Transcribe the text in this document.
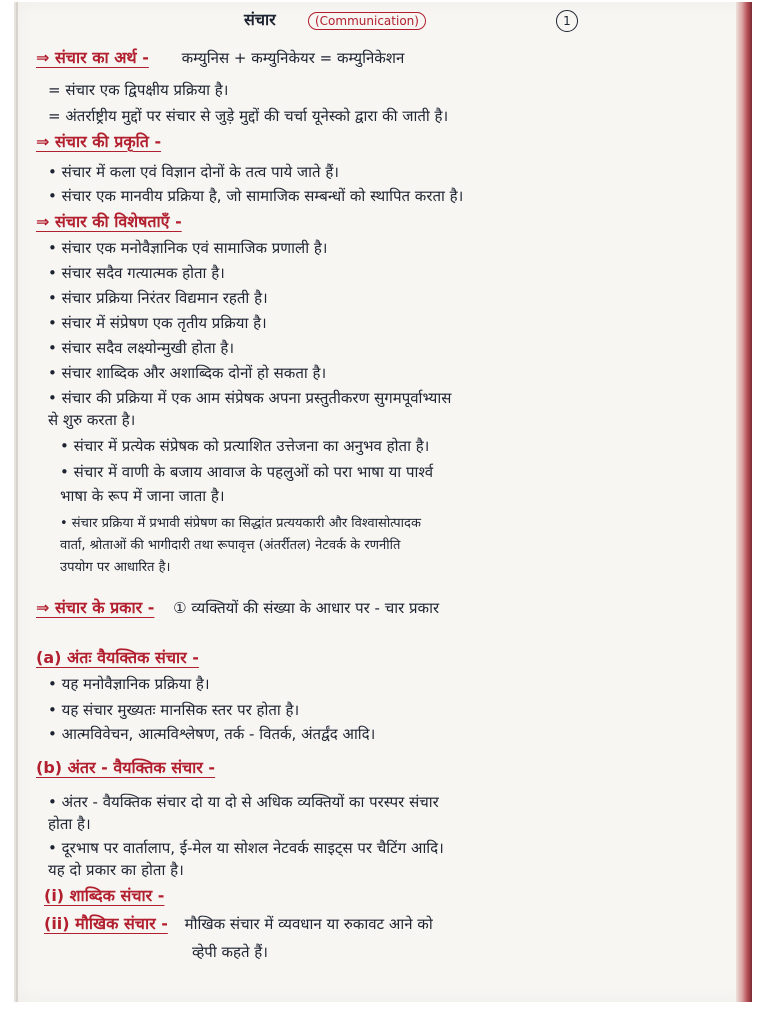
संचार	(Communication)	1
⇒ संचार का अर्थ - कम्युनिस + कम्युनिकेयर = कम्युनिकेशन
= संचार एक द्विपक्षीय प्रक्रिया है।
= अंतर्राष्ट्रीय मुद्दों पर संचार से जुड़े मुद्दों की चर्चा यूनेस्को द्वारा की जाती है।
⇒ संचार की प्रकृति -
• संचार में कला एवं विज्ञान दोनों के तत्व पाये जाते हैं।
• संचार एक मानवीय प्रक्रिया है, जो सामाजिक सम्बन्धों को स्थापित करता है।
⇒ संचार की विशेषताएँ -
• संचार एक मनोवैज्ञानिक एवं सामाजिक प्रणाली है।
• संचार सदैव गत्यात्मक होता है।
• संचार प्रक्रिया निरंतर विद्यमान रहती है।
• संचार में संप्रेषण एक तृतीय प्रक्रिया है।
• संचार सदैव लक्ष्योन्मुखी होता है।
• संचार शाब्दिक और अशाब्दिक दोनों हो सकता है।
• संचार की प्रक्रिया में एक आम संप्रेषक अपना प्रस्तुतीकरण सुगमपूर्वाभ्यास
से शुरु करता है।
• संचार में प्रत्येक संप्रेषक को प्रत्याशित उत्तेजना का अनुभव होता है।
• संचार में वाणी के बजाय आवाज के पहलुओं को परा भाषा या पार्श्व
भाषा के रूप में जाना जाता है।
• संचार प्रक्रिया में प्रभावी संप्रेषण का सिद्धांत प्रत्ययकारी और विश्वासोत्पादक
वार्ता, श्रोताओं की भागीदारी तथा रूपावृत्त (अंतर्रीतल) नेटवर्क के रणनीति
उपयोग पर आधारित है।
⇒ संचार के प्रकार - ① व्यक्तियों की संख्या के आधार पर - चार प्रकार
(a) अंतः वैयक्तिक संचार -
• यह मनोवैज्ञानिक प्रक्रिया है।
• यह संचार मुख्यतः मानसिक स्तर पर होता है।
• आत्मविवेचन, आत्मविश्लेषण, तर्क - वितर्क, अंतर्द्वंद आदि।
(b) अंतर - वैयक्तिक संचार -
• अंतर - वैयक्तिक संचार दो या दो से अधिक व्यक्तियों का परस्पर संचार
होता है।
• दूरभाष पर वार्तालाप, ई-मेल या सोशल नेटवर्क साइट्स पर चैटिंग आदि।
यह दो प्रकार का होता है।
(i) शाब्दिक संचार -
(ii) मौखिक संचार - मौखिक संचार में व्यवधान या रुकावट आने को
व्हेपी कहते हैं।
